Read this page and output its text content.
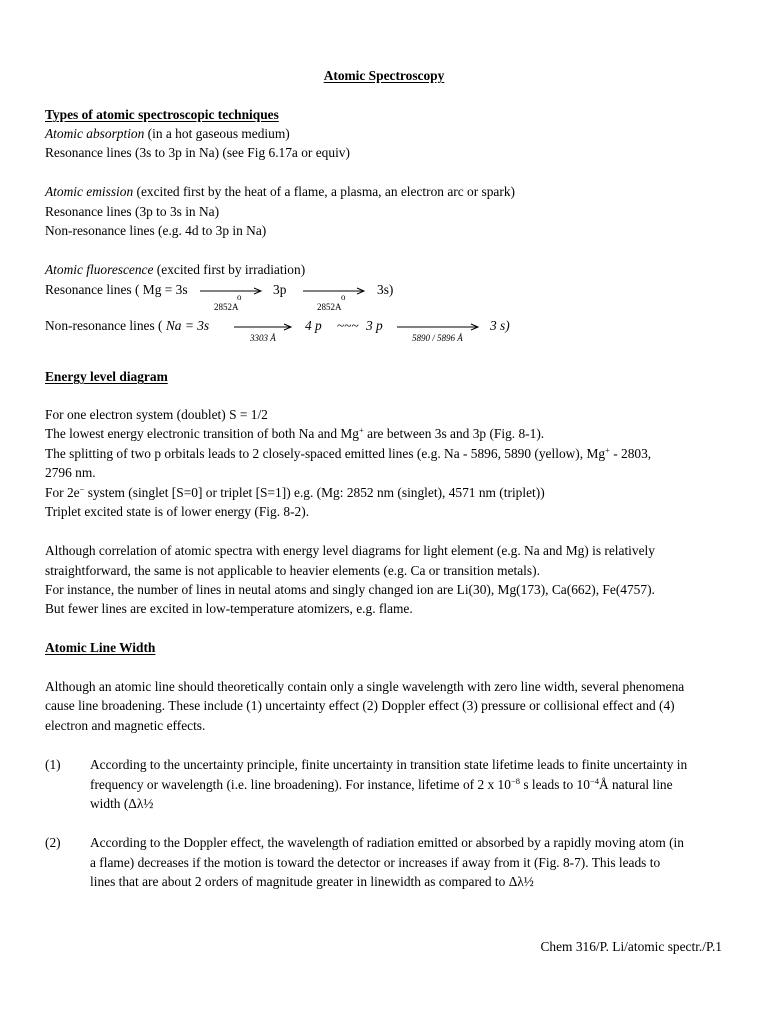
Atomic Spectroscopy
Types of atomic spectroscopic techniques
Atomic absorption (in a hot gaseous medium)
Resonance lines (3s to 3p in Na) (see Fig 6.17a or equiv)
Atomic emission (excited first by the heat of a flame, a plasma, an electron arc or spark)
Resonance lines (3p to 3s in Na)
Non-resonance lines (e.g. 4d to 3p in Na)
Atomic fluorescence (excited first by irradiation)
Resonance lines ( Mg = 3s	o
2852A
3p	o
2852A
3s)
Non-resonance lines ( Na = 3s
3303 Å
4 p ~~~ 3 p
5890 / 5896 Å
3 s)
Energy level diagram
For one electron system (doublet) S = 1/2
The lowest energy electronic transition of both Na and Mg+ are between 3s and 3p (Fig. 8-1).
The splitting of two p orbitals leads to 2 closely-spaced emitted lines (e.g. Na - 5896, 5890 (yellow), Mg+ - 2803,
2796 nm.
For 2e− system (singlet [S=0] or triplet [S=1]) e.g. (Mg: 2852 nm (singlet), 4571 nm (triplet))
Triplet excited state is of lower energy (Fig. 8-2).
Although correlation of atomic spectra with energy level diagrams for light element (e.g. Na and Mg) is relatively
straightforward, the same is not applicable to heavier elements (e.g. Ca or transition metals).
For instance, the number of lines in neutal atoms and singly changed ion are Li(30), Mg(173), Ca(662), Fe(4757).
But fewer lines are excited in low-temperature atomizers, e.g. flame.
Atomic Line Width
Although an atomic line should theoretically contain only a single wavelength with zero line width, several phenomena
cause line broadening. These include (1) uncertainty effect (2) Doppler effect (3) pressure or collisional effect and (4)
electron and magnetic effects.
(1) According to the uncertainty principle, finite uncertainty in transition state lifetime leads to finite uncertainty in
frequency or wavelength (i.e. line broadening). For instance, lifetime of 2 x $10^{-8}$ s leads to $10^{-4}Å$ natural line
width (Δλ½
(2) According to the Doppler effect, the wavelength of radiation emitted or absorbed by a rapidly moving atom (in
a flame) decreases if the motion is toward the detector or increases if away from it (Fig. 8-7). This leads to
lines that are about 2 orders of magnitude greater in linewidth as compared to Δλ½
Chem 316/P. Li/atomic spectr./P.1
